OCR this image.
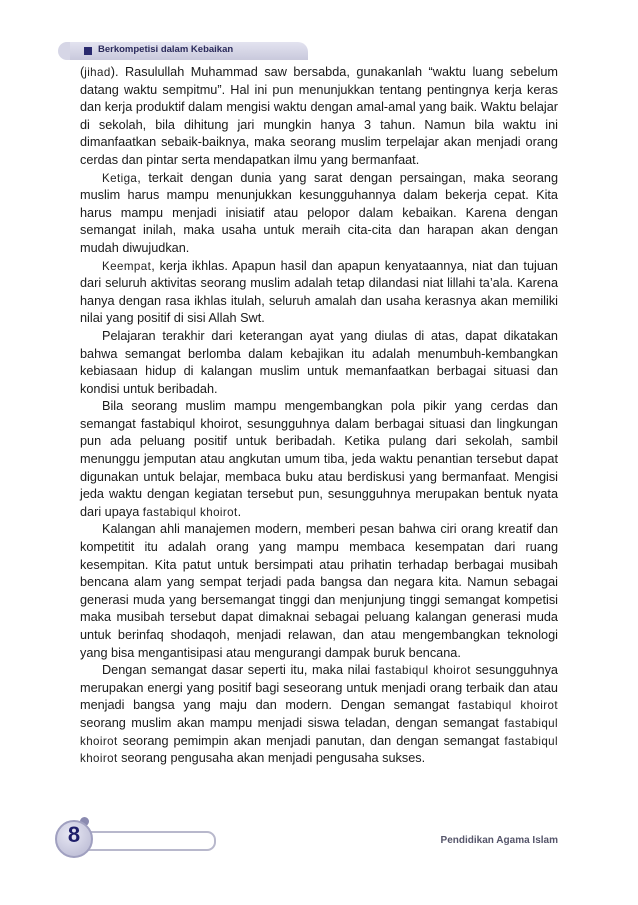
Berkompetisi dalam Kebaikan

(jihad). Rasulullah Muhammad saw bersabda, gunakanlah “waktu luang sebelum datang waktu sempitmu”. Hal ini pun menunjukkan tentang pentingnya kerja keras dan kerja produktif dalam mengisi waktu dengan amal-amal yang baik. Waktu belajar di sekolah, bila dihitung jari mungkin hanya 3 tahun. Namun bila waktu ini dimanfaatkan sebaik-baiknya, maka seorang muslim terpelajar akan menjadi orang cerdas dan pintar serta mendapatkan ilmu yang bermanfaat.

Ketiga, terkait dengan dunia yang sarat dengan persaingan, maka seorang muslim harus mampu menunjukkan kesungguhannya dalam bekerja cepat. Kita harus mampu menjadi inisiatif atau pelopor dalam kebaikan. Karena dengan semangat inilah, maka usaha untuk meraih cita-cita dan harapan akan dengan mudah diwujudkan.

Keempat, kerja ikhlas. Apapun hasil dan apapun kenyataannya, niat dan tujuan dari seluruh aktivitas seorang muslim adalah tetap dilandasi niat lillahi ta’ala. Karena hanya dengan rasa ikhlas itulah, seluruh amalah dan usaha kerasnya akan memiliki nilai yang positif di sisi Allah Swt.

Pelajaran terakhir dari keterangan ayat yang diulas di atas, dapat dikatakan bahwa semangat berlomba dalam kebajikan itu adalah menumbuh-kembangkan kebiasaan hidup di kalangan muslim untuk memanfaatkan berbagai situasi dan kondisi untuk beribadah.

Bila seorang muslim mampu mengembangkan pola pikir yang cerdas dan semangat fastabiqul khoirot, sesungguhnya dalam berbagai situasi dan lingkungan pun ada peluang positif untuk beribadah. Ketika pulang dari sekolah, sambil menunggu jemputan atau angkutan umum tiba, jeda waktu penantian tersebut dapat digunakan untuk belajar, membaca buku atau berdiskusi yang bermanfaat. Mengisi jeda waktu dengan kegiatan tersebut pun, sesungguhnya merupakan bentuk nyata dari upaya fastabiqul khoirot.

Kalangan ahli manajemen modern, memberi pesan bahwa ciri orang kreatif dan kompetitit itu adalah orang yang mampu membaca kesempatan dari ruang kesempitan. Kita patut untuk bersimpati atau prihatin terhadap berbagai musibah bencana alam yang sempat terjadi pada bangsa dan negara kita. Namun sebagai generasi muda yang bersemangat tinggi dan menjunjung tinggi semangat kompetisi maka musibah tersebut dapat dimaknai sebagai peluang kalangan generasi muda untuk berinfaq shodaqoh, menjadi relawan, dan atau mengembangkan teknologi yang bisa mengantisipasi atau mengurangi dampak buruk bencana.

Dengan semangat dasar seperti itu, maka nilai fastabiqul khoirot sesungguhnya merupakan energi yang positif bagi seseorang untuk menjadi orang terbaik dan atau menjadi bangsa yang maju dan modern. Dengan semangat fastabiqul khoirot seorang muslim akan mampu menjadi siswa teladan, dengan semangat fastabiqul khoirot seorang pemimpin akan menjadi panutan, dan dengan semangat fastabiqul khoirot seorang pengusaha akan menjadi pengusaha sukses.

8	Pendidikan Agama Islam
